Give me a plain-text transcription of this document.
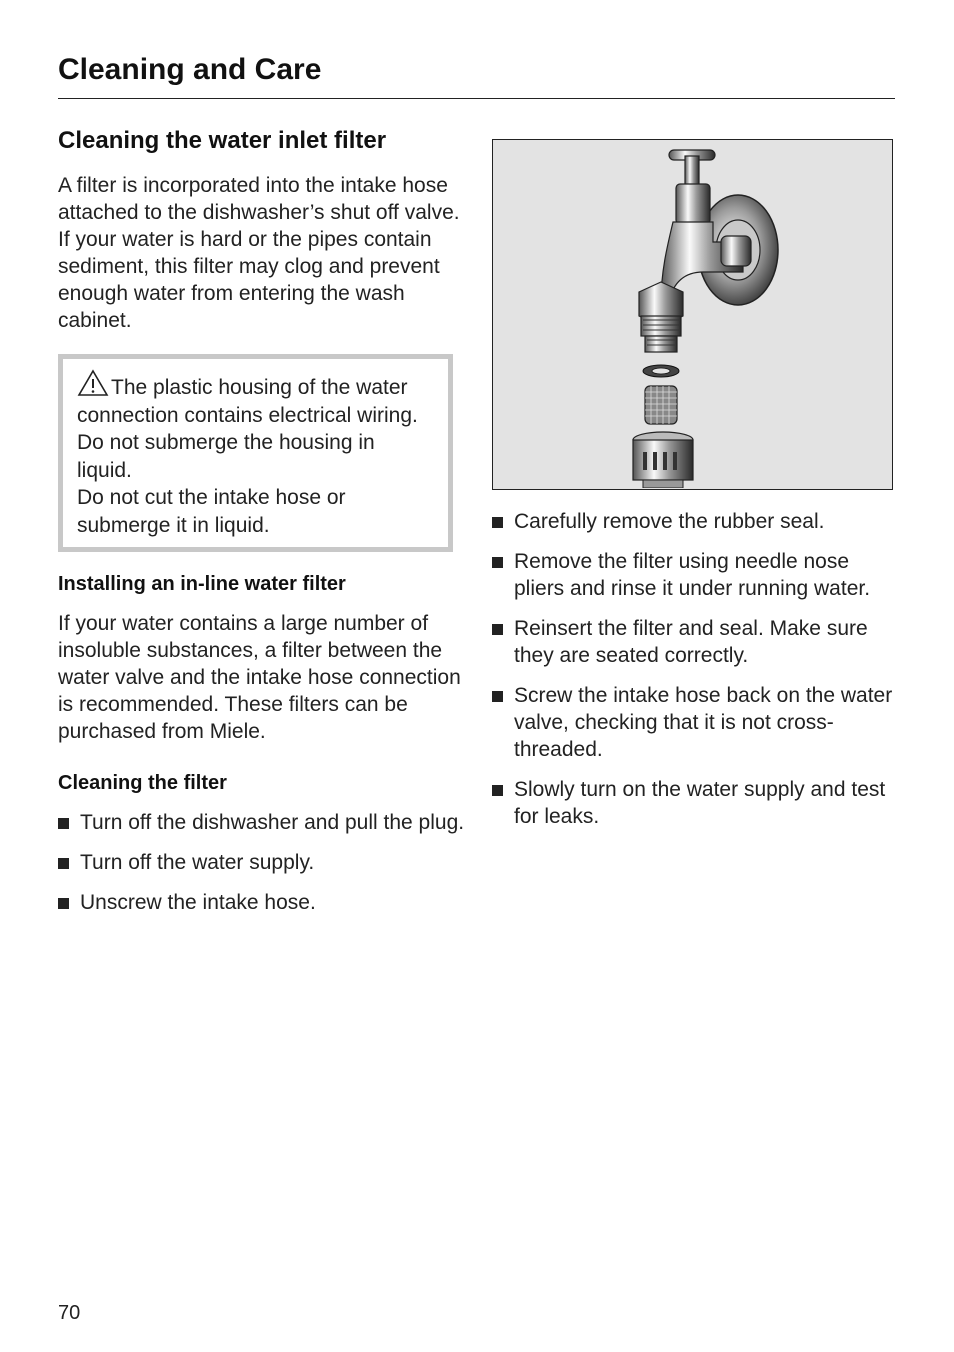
Cleaning and Care
Cleaning the water inlet filter

A filter is incorporated into the intake hose attached to the dishwasher’s shut off valve. If your water is hard or the pipes contain sediment, this filter may clog and prevent enough water from entering the wash cabinet.

The plastic housing of the water connection contains electrical wiring. Do not submerge the housing in liquid.

Do not cut the intake hose or submerge it in liquid.

Installing an in-line water filter

If your water contains a large number of insoluble substances, a filter between the water valve and the intake hose connection is recommended. These filters can be purchased from Miele.

Cleaning the filter
Turn off the dishwasher and pull the plug.
Turn off the water supply.
Unscrew the intake hose.
Carefully remove the rubber seal.
Remove the filter using needle nose pliers and rinse it under running water.
Reinsert the filter and seal. Make sure they are seated correctly.
Screw the intake hose back on the water valve, checking that it is not cross-threaded.
Slowly turn on the water supply and test for leaks.
70
